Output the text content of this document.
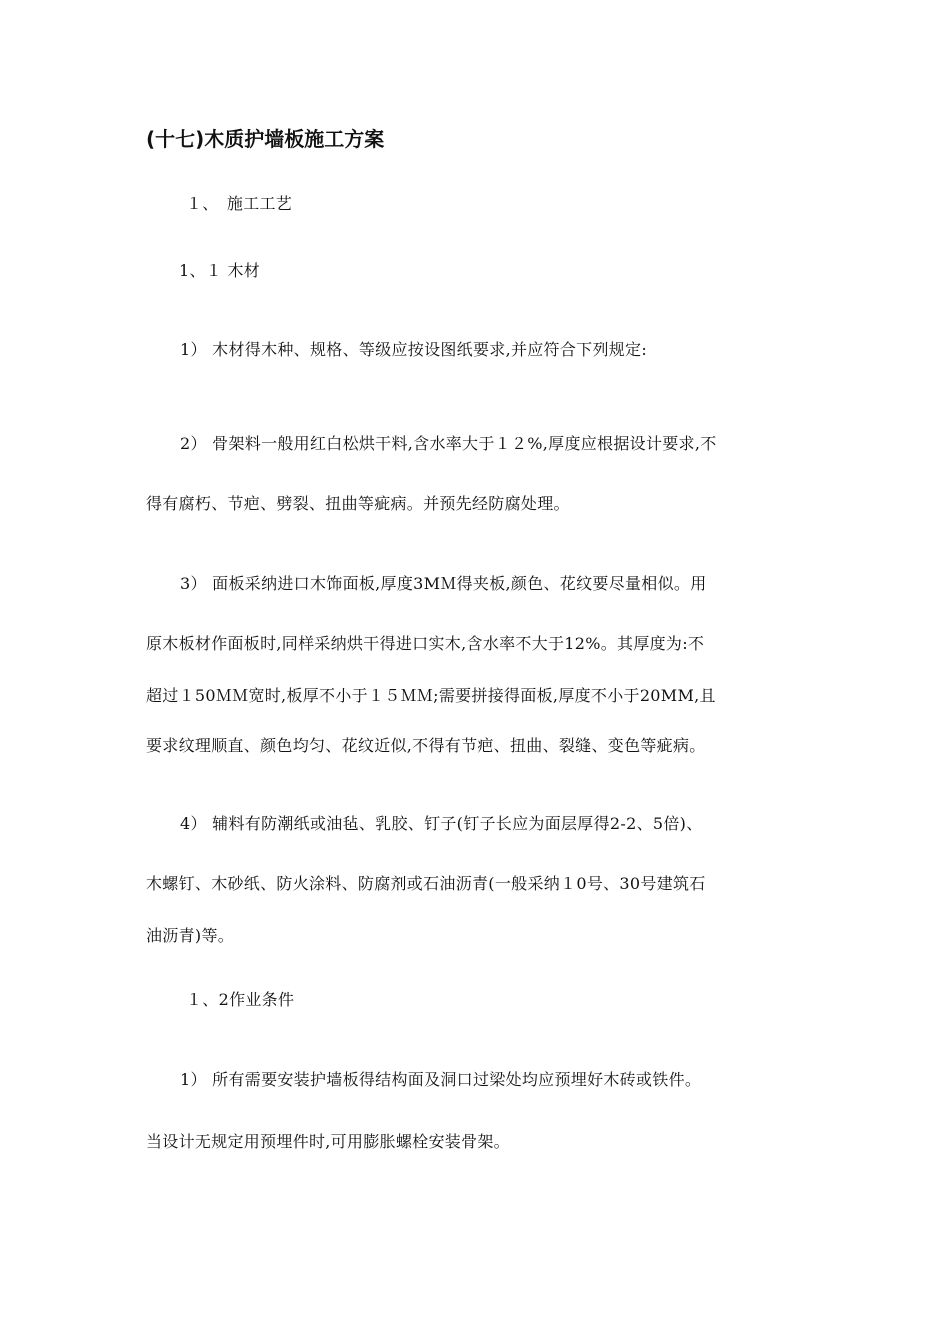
(十七)木质护墙板施工方案
１、　施工工艺
1、１ 木材
1） 木材得木种、规格、等级应按设图纸要求,并应符合下列规定:
2） 骨架料一般用红白松烘干料,含水率大于１２%,厚度应根据设计要求,不
得有腐朽、节疤、劈裂、扭曲等疵病。并预先经防腐处理。
3） 面板采纳进口木饰面板,厚度3MＭ得夹板,颜色、花纹要尽量相似。用
原木板材作面板时,同样采纳烘干得进口实木,含水率不大于12%。其厚度为:不
超过１50ＭＭ宽时,板厚不小于１５ＭＭ;需要拼接得面板,厚度不小于20MM,且
要求纹理顺直、颜色均匀、花纹近似,不得有节疤、扭曲、裂缝、变色等疵病。
4） 辅料有防潮纸或油毡、乳胶、钉子(钉子长应为面层厚得2-2、5倍)、
木螺钉、木砂纸、防火涂料、防腐剂或石油沥青(一般采纳１0号、30号建筑石
油沥青)等。
１、2作业条件
1） 所有需要安装护墙板得结构面及洞口过梁处均应预埋好木砖或铁件。
当设计无规定用预埋件时,可用膨胀螺栓安装骨架。
